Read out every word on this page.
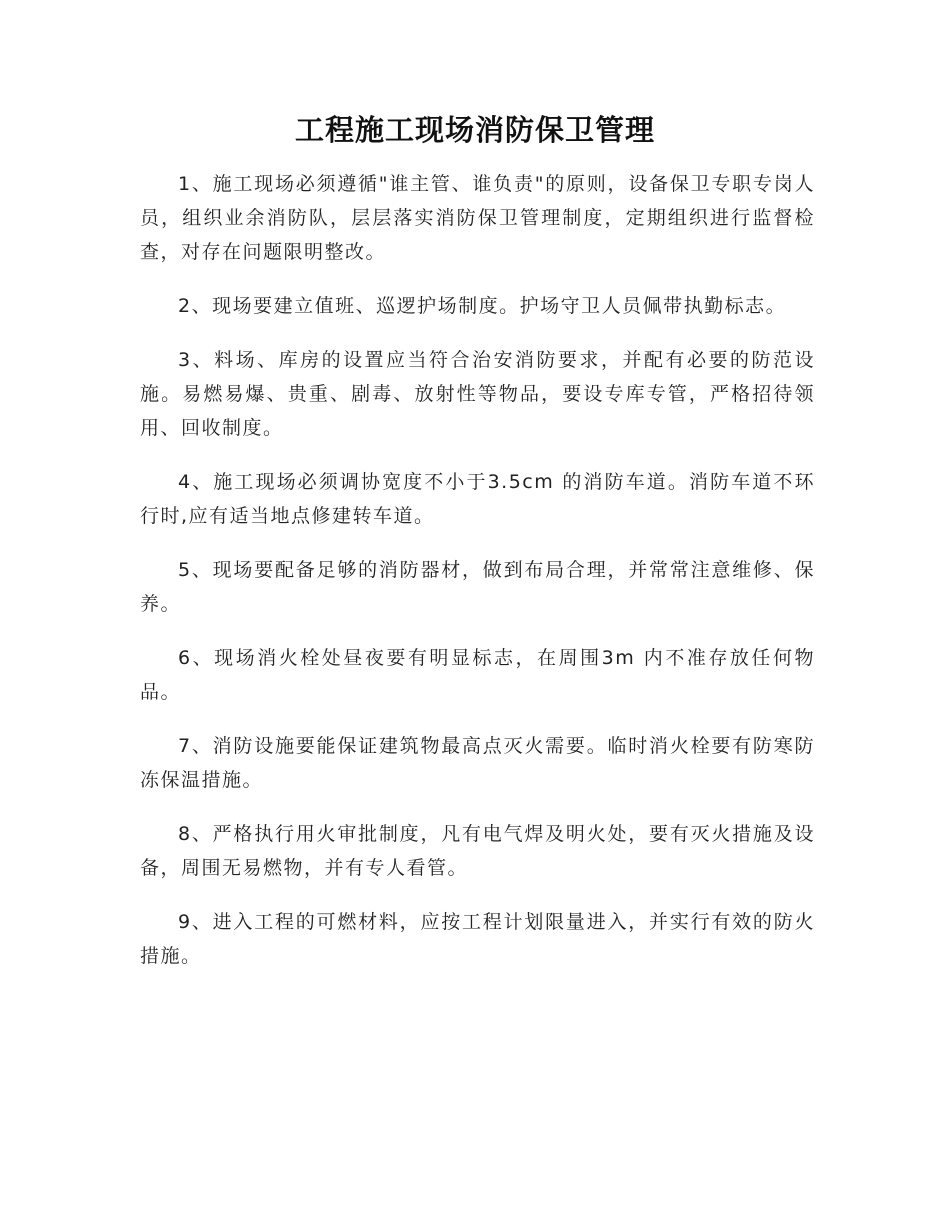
工程施工现场消防保卫管理

1、施工现场必须遵循"谁主管、谁负责"的原则，设备保卫专职专岗人员，组织业余消防队，层层落实消防保卫管理制度，定期组织进行监督检查，对存在问题限明整改。

2、现场要建立值班、巡逻护场制度。护场守卫人员佩带执勤标志。

3、料场、库房的设置应当符合治安消防要求，并配有必要的防范设施。易燃易爆、贵重、剧毒、放射性等物品，要设专库专管，严格招待领用、回收制度。

4、施工现场必须调协宽度不小于3.5cm 的消防车道。消防车道不环行时,应有适当地点修建转车道。

5、现场要配备足够的消防器材，做到布局合理，并常常注意维修、保养。

6、现场消火栓处昼夜要有明显标志，在周围3m 内不准存放任何物品。

7、消防设施要能保证建筑物最高点灭火需要。临时消火栓要有防寒防冻保温措施。

8、严格执行用火审批制度，凡有电气焊及明火处，要有灭火措施及设备，周围无易燃物，并有专人看管。

9、进入工程的可燃材料，应按工程计划限量进入，并实行有效的防火措施。
